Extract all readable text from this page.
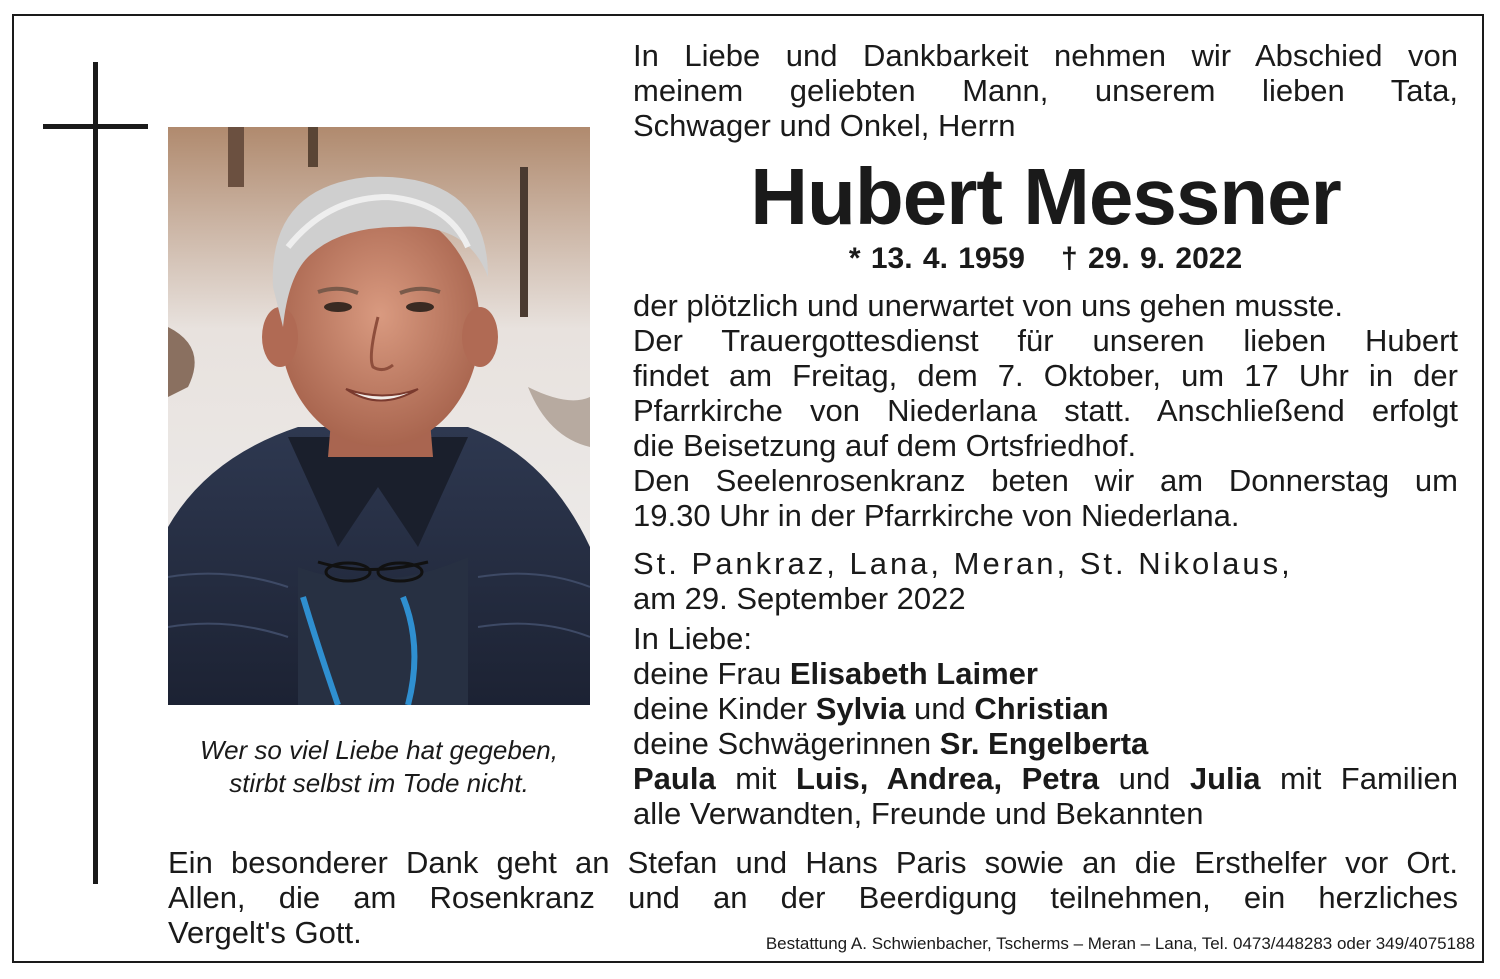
Wer so viel Liebe hat gegeben,
stirbt selbst im Tode nicht.
In Liebe und Dankbarkeit nehmen wir Abschied von
meinem geliebten Mann, unserem lieben Tata,
Schwager und Onkel, Herrn
Hubert Messner
* 13. 4. 1959 † 29. 9. 2022
der plötzlich und unerwartet von uns gehen musste.
Der Trauergottesdienst für unseren lieben Hubert
findet am Freitag, dem 7. Oktober, um 17 Uhr in der
Pfarrkirche von Niederlana statt. Anschließend erfolgt
die Beisetzung auf dem Ortsfriedhof.
Den Seelenrosenkranz beten wir am Donnerstag um
19.30 Uhr in der Pfarrkirche von Niederlana.
St. Pankraz, Lana, Meran, St. Nikolaus,
am 29. September 2022
In Liebe:
deine Frau Elisabeth Laimer
deine Kinder Sylvia und Christian
deine Schwägerinnen Sr. Engelberta
Paula mit Luis, Andrea, Petra und Julia mit Familien
alle Verwandten, Freunde und Bekannten
Ein besonderer Dank geht an Stefan und Hans Paris sowie an die Ersthelfer vor Ort.
Allen, die am Rosenkranz und an der Beerdigung teilnehmen, ein herzliches
Vergelt's Gott.	Bestattung A. Schwienbacher, Tscherms – Meran – Lana, Tel. 0473/448283 oder 349/4075188
